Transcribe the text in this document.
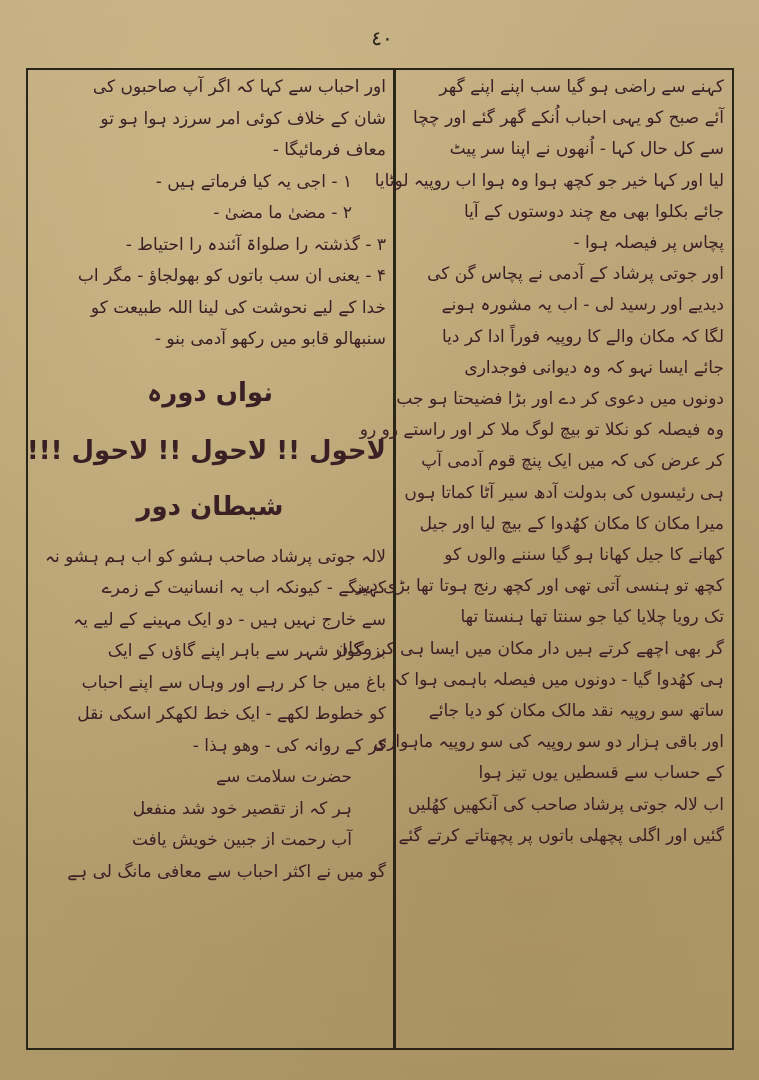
٤٠
کہنے سے راضی ہو گیا سب اپنے اپنے گھر
آئے صبح کو یہی احباب اُنکے گھر گئے اور چچا
سے کل حال کہا - اُنھوں نے اپنا سر پیٹ
لیا اور کہا خیر جو کچھ ہوا وہ ہوا اب روپیہ لوٹایا
جائے بکلوا بھی مع چند دوستوں کے آیا
پچاس پر فیصلہ ہوا -
اور جوتی پرشاد کے آدمی نے پچاس گن کی
دیدیے اور رسید لی - اب یہ مشورہ ہونے
لگا کہ مکان والے کا روپیہ فوراً ادا کر دیا
جائے ایسا نہو کہ وہ دیوانی فوجداری
دونوں میں دعوی کر دے اور بڑا فضیحتا ہو جب
وہ فیصلہ کو نکلا تو بیچ لوگ ملا کر اور راستے رو رو
کر عرض کی کہ میں ایک پنچ قوم آدمی آپ
ہی رئیسوں کی بدولت آدھ سیر آٹا کماتا ہوں
میرا مکان کا مکان کھُدوا کے بیچ لیا اور جیل
کھانے کا جیل کھانا ہو گیا سننے والوں کو
کچھ تو ہنسی آتی تھی اور کچھ رنج ہوتا تھا بڑی دیر
تک رویا چلایا کیا جو سنتا تھا ہنستا تھا
گر بھی اچھے کرتے ہیں دار مکان میں ایسا ہی کر مکان
ہی کھُدوا گیا - دونوں میں فیصلہ باہمی ہوا کہ
ساتھ سو روپیہ نقد مالک مکان کو دیا جائے
اور باقی ہزار دو سو روپیہ کی سو روپیہ ماہواری
کے حساب سے قسطیں یوں تیز ہوا
اب لالہ جوتی پرشاد صاحب کی آنکھیں کھُلیں
گئیں اور اگلی پچھلی باتوں پر پچھتاتے کرتے گئے
اور احباب سے کہا کہ اگر آپ صاحبوں کی
شان کے خلاف کوئی امر سرزد ہوا ہو تو
معاف فرمائیگا -
۱ - اجی یہ کیا فرماتے ہیں -
۲ - مضیٰ ما مضیٰ -
۳ - گذشتہ را صلواۃ آئندہ را احتیاط -
۴ - یعنی ان سب باتوں کو بھولجاؤ - مگر اب
خدا کے لیے نحوشت کی لینا اللہ طبیعت کو
سنبھالو قابو میں رکھو آدمی بنو -
نواں دورہ
لاحول !! لاحول !! لاحول !!!
شیطان دور
لالہ جوتی پرشاد صاحب ہشو کو اب ہم ہشو نہ
کہینگے - کیونکہ اب یہ انسانیت کے زمرے
سے خارج نہیں ہیں - دو ایک مہینے کے لیے یہ
بزرگوار شہر سے باہر اپنے گاؤں کے ایک
باغ میں جا کر رہے اور وہاں سے اپنے احباب
کو خطوط لکھے - ایک خط لکھکر اسکی نقل
کر کے روانہ کی - وھو ہذا -
حضرت سلامت سے
ہر کہ از تقصیر خود شد منفعل
آب رحمت از جبین خویش یافت
گو میں نے اکثر احباب سے معافی مانگ لی ہے
